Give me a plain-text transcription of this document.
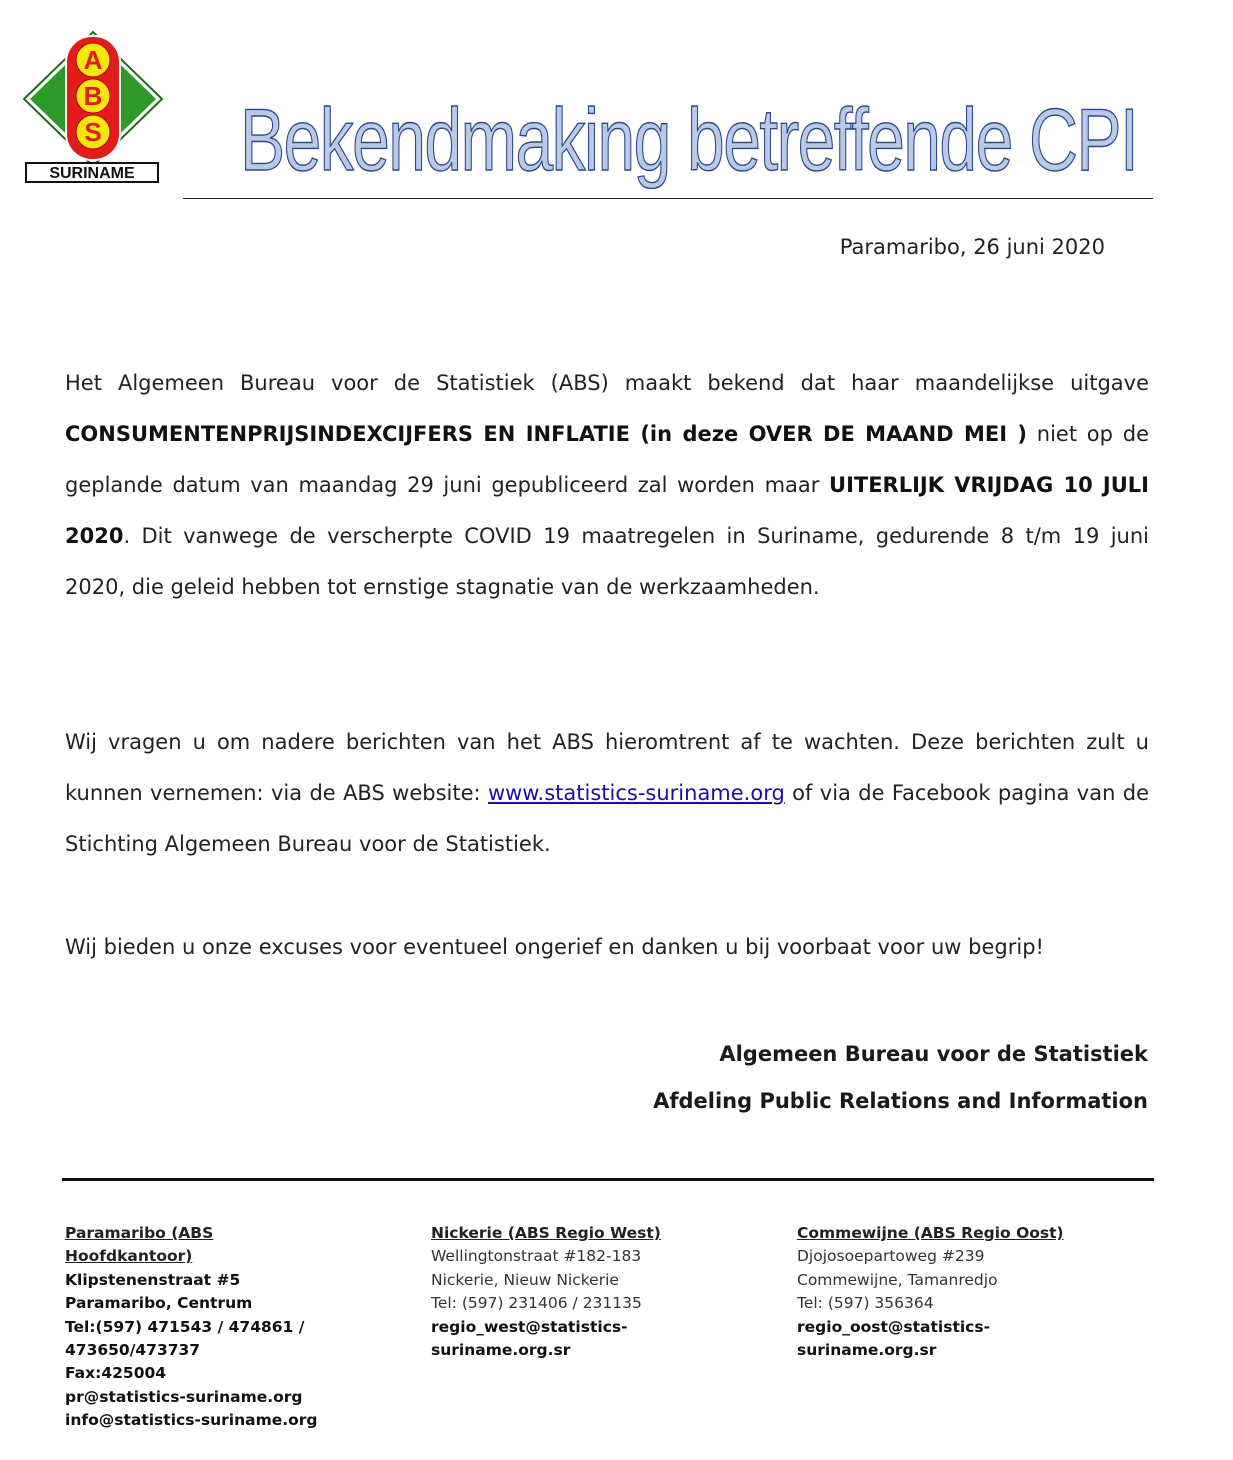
A
B
S
SURINAME Bekendmaking betreffende CPI
Paramaribo, 26 juni 2020
Het Algemeen Bureau voor de Statistiek (ABS) maakt bekend dat haar maandelijkse uitgave CONSUMENTENPRIJSINDEXCIJFERS EN INFLATIE (in deze OVER DE MAAND MEI ) niet op de geplande datum van maandag 29 juni gepubliceerd zal worden maar UITERLIJK VRIJDAG 10 JULI 2020. Dit vanwege de verscherpte COVID 19 maatregelen in Suriname, gedurende 8 t/m 19 juni 2020, die geleid hebben tot ernstige stagnatie van de werkzaamheden.
Wij vragen u om nadere berichten van het ABS hieromtrent af te wachten. Deze berichten zult u kunnen vernemen: via de ABS website: www.statistics-suriname.org of via de Facebook pagina van de Stichting Algemeen Bureau voor de Statistiek.
Wij bieden u onze excuses voor eventueel ongerief en danken u bij voorbaat voor uw begrip!
Algemeen Bureau voor de Statistiek
Afdeling Public Relations and Information
Paramaribo (ABS Hoofdkantoor)
Klipstenenstraat #5
Paramaribo, Centrum
Tel:(597) 471543 / 474861 / 473650/473737
Fax:425004
pr@statistics-suriname.org
info@statistics-suriname.org
Nickerie (ABS Regio West)
Wellingtonstraat #182-183
Nickerie, Nieuw Nickerie
Tel: (597) 231406 / 231135
regio_west@statistics-suriname.org.sr
Commewijne (ABS Regio Oost)
Djojosoepartoweg #239
Commewijne, Tamanredjo
Tel: (597) 356364
regio_oost@statistics-suriname.org.sr
